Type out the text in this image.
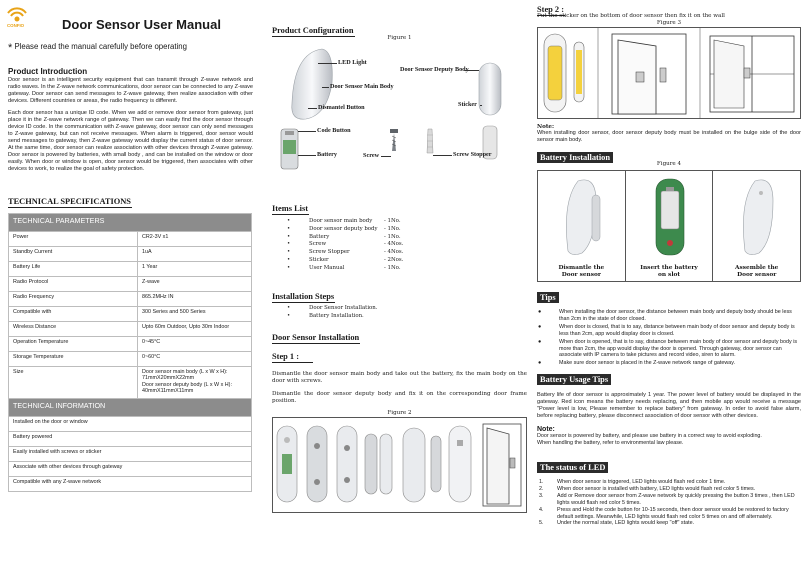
CONFIO	Door Sensor User Manual
* Please read the manual carefully before operating
Product Introduction

Door sensor is an intelligent security equipment that can transmit through Z-wave network and radio waves. In the Z-wave network communications, door sensor can be connected to any Z-wave gateway. Door sensor can send messages to Z-wave gateway, then realize association with other devices. Different countries or areas, the radio frequency is different.

Each door sensor has a unique ID code. When we add or remove door sensor from gateway, just place it in the Z-wave network range of gateway. Then we can easily find the door sensor through device ID code. In the communication with Z-wave gateway, door sensor can only send messages to Z-wave gateway, but can not receive messages. When alarm is triggered, door sensor would send messages to gateway, then Z-wave gateway would display the current status of door sensor. At the same time, door sensor can realize association with other devices through Z-wave gateway. Door sensor is powered by batteries, with small body , and can be installed on the window or door easily. When door or window is open, door sensor would be triggered, then associates with other devices to work, to realize the goal of safety protection.

TECHNICAL SPECIFICATIONS
TECHNICAL PARAMETERS	
Power	CR2-3V x1
Standby Current	1uA
Battery Life	1 Year
Radio Protocol	Z-wave
Radio Frequency	865.2MHz IN
Compatible with	300 Series and 500 Series
Wireless Distance	Upto 60m Outdoor, Upto 30m Indoor
Operation Temperature	0~45°C
Storage Temperature	0~60°C
Size	Door sensor main body (L x W x H):
71mmX20mmX22mm
Door sensor deputy body (L x W x H):
40mmX11mmX11mm

TECHNICAL INFORMATION	
Installed on the door or window	
Battery powered	
Easily installed with screws or sticker	
Associate with other devices through gateway	
Compatible with any Z-wave network	
Product Configuration
Figure 1
LED Light
Door Sensor Deputy Body
Door Sensor Main Body
Dismantel Button	Sticker
Code Button
Battery	Screw	Screw Stopper
Items List
•	Door sensor main body - 1No.
•	Door sensor deputy body - 1No.
•	Battery	- 1No.
•	Screw	- 4Nos.
•	Screw Stopper	- 4Nos.
•	Sticker	- 2Nos.
•	User Manual	- 1No.
Installation Steps
•	Door Sensor Installation.
•	Battery Installation.
Door Sensor Installation
Step 1 :

Dismantle the door sensor main body and take out the battery, fix the main body on the door with screws.

Dismantle the door sensor deputy body and fix it on the corresponding door frame position.

Figure 2
Step 2 :
Put the sticker on the bottom of door sensor then fix it on the wall
Figure 3
Note:

When installing door sensor, door sensor deputy body must be installed on the bulge side of the door sensor main body.

Battery Installation
Figure 4
Dismantle the
Door sensor
Insert the battery
on slot
Assemble the
Door sensor
Tips
●	When installing the door sensor, the distance between main body and deputy body should be less than 2cm in the state of door closed.
●	When door is closed, that is to say, distance between main body of door sensor and deputy body is less than 2cm, app would display door is closed.
●	When door is opened, that is to say, distance between main body of door sensor and deputy body is more than 2cm, the app would display the door is opened. Through gateway, door sensor can associate with IP camera to take pictures and record video, siren to alarm.
●	Make sure door sensor is placed in the Z-wave network range of gateway.
Battery Usage Tips

Battery life of door sensor is approximately 1 year. The power level of battery would be displayed in the gateway. Red icon means the battery needs replacing, and then mobile app would receive a message "Power level is low, Please remember to replace battery" from gateway. In order to avoid false alarm, before replacing battery, please disconnect association of door sensor with other devices.

Note:
Door sensor is powered by battery, and please use battery in a correct way to avoid exploding.
When handling the battery, refer to environmental law please.
The status of LED
1.	When door sensor is triggered, LED lights would flash red color 1 time.
2.	When door sensor is installed with battery, LED lights would flash red color 5 times.
3.	Add or Remove door sensor from Z-wave network by quickly pressing the button 3 times , then LED lights would flash red color 5 times.
4.	Press and Hold the code button for 10-15 seconds, then door sensor would be restored to factory default settings. Meanwhile, LED lights would flash red color 5 times on and off alternately.
5.	Under the normal state, LED lights would keep "off" state.
